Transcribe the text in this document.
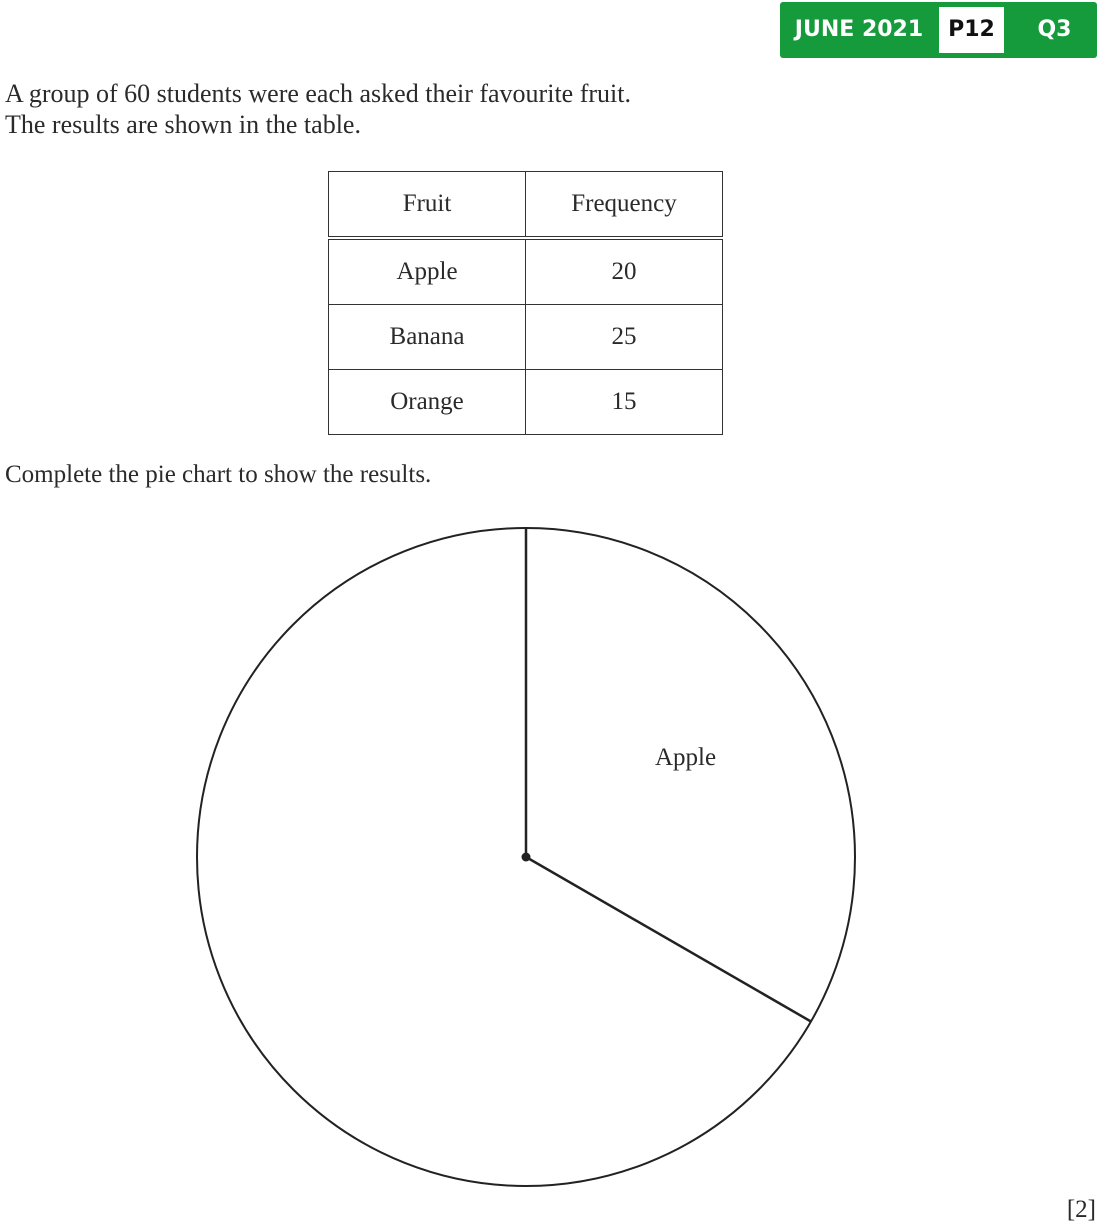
JUNE 2021	P12	Q3
A group of 60 students were each asked their favourite fruit.
The results are shown in the table.
Fruit	Frequency
Apple	20
Banana	25
Orange	15
Complete the pie chart to show the results.
Apple
[2]
